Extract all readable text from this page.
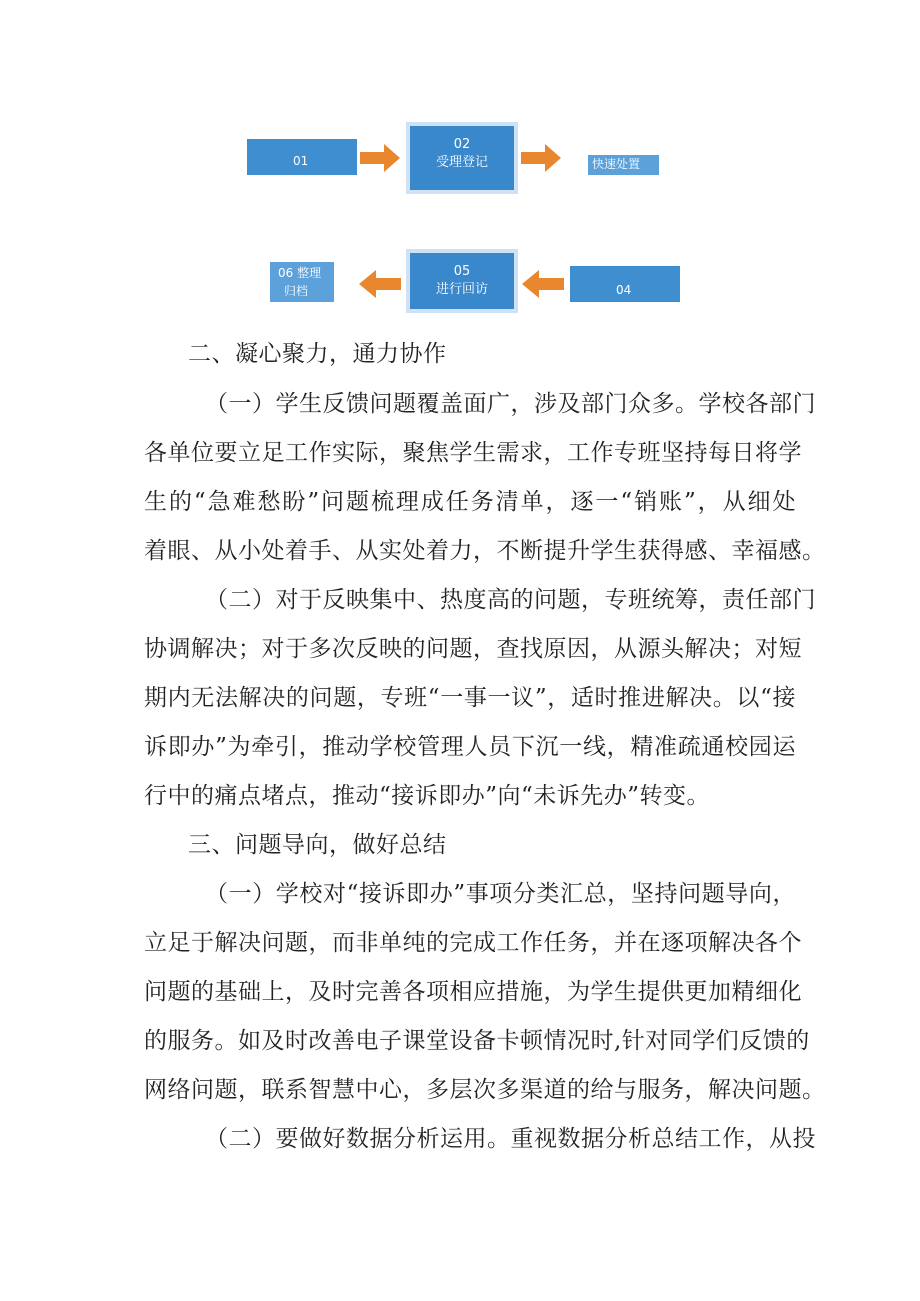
01
02
受理登记	快速处置
06 整理
归档
05
进行回访	04
二、凝心聚力，通力协作
（一）学生反馈问题覆盖面广，涉及部门众多。学校各部门
各单位要立足工作实际，聚焦学生需求，工作专班坚持每日将学
生的“急难愁盼”问题梳理成任务清单，逐一“销账”，从细处
着眼、从小处着手、从实处着力，不断提升学生获得感、幸福感。
（二）对于反映集中、热度高的问题，专班统筹，责任部门
协调解决；对于多次反映的问题，查找原因，从源头解决；对短
期内无法解决的问题，专班“一事一议”，适时推进解决。以“接
诉即办”为牵引，推动学校管理人员下沉一线，精准疏通校园运
行中的痛点堵点，推动“接诉即办”向“未诉先办”转变。
三、问题导向，做好总结
（一）学校对“接诉即办”事项分类汇总，坚持问题导向，
立足于解决问题，而非单纯的完成工作任务，并在逐项解决各个
问题的基础上，及时完善各项相应措施，为学生提供更加精细化
的服务。如及时改善电子课堂设备卡顿情况时,针对同学们反馈的
网络问题，联系智慧中心，多层次多渠道的给与服务，解决问题。
（二）要做好数据分析运用。重视数据分析总结工作，从投
